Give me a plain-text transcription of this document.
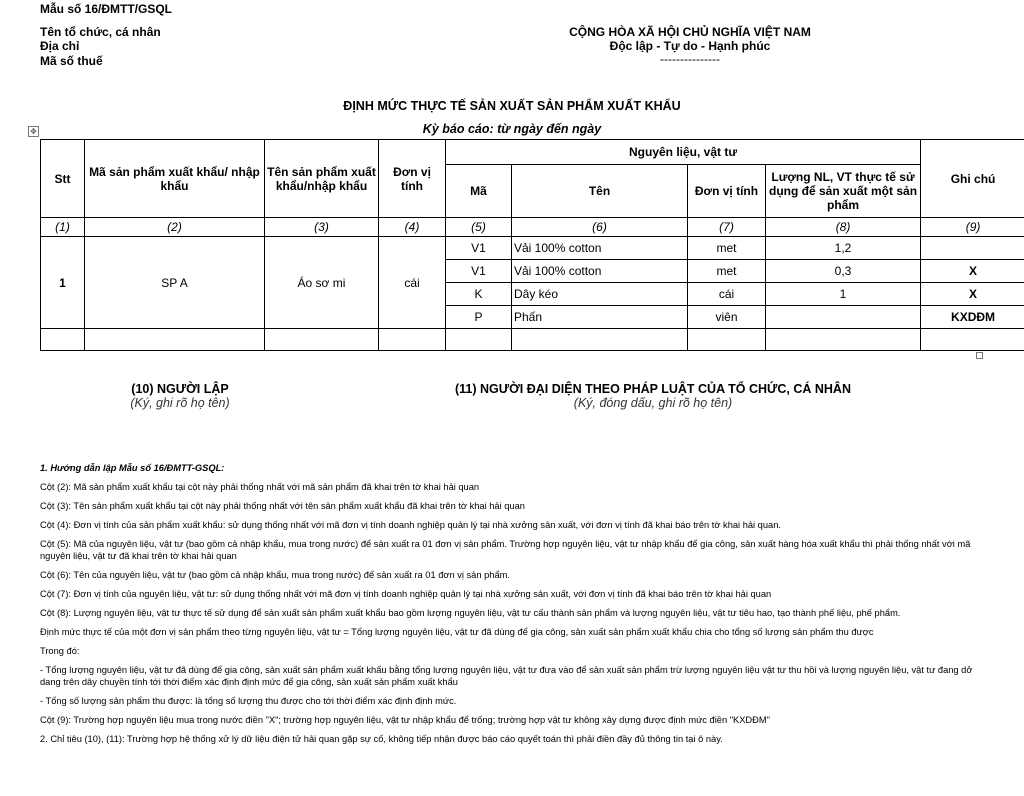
Mẫu số 16/ĐMTT/GSQL
Tên tổ chức, cá nhân
Địa chỉ
Mã số thuế
CỘNG HÒA XÃ HỘI CHỦ NGHĨA VIỆT NAM
Độc lập - Tự do - Hạnh phúc
---------------
ĐỊNH MỨC THỰC TẾ SẢN XUẤT SẢN PHẨM XUẤT KHẨU
Kỳ báo cáo: từ ngày đến ngày
✥
Stt	Mã sản phẩm xuất khẩu/ nhập khẩu	Tên sản phẩm xuất khẩu/nhập khẩu	Đơn vị tính	Nguyên liệu, vật tư				Ghi chú
				Mã	Tên	Đơn vị tính	Lượng NL, VT thực tế sử dụng để sản xuất một sản phẩm	
(1)	(2)	(3)	(4)	(5)	(6)	(7)	(8)	(9)
1	SP A	Áo sơ mi	cái	V1	Vải 100% cotton	met	1,2	
				V1	Vải 100% cotton	met	0,3	X
				K	Dây kéo	cái	1	X
				P	Phấn	viên		KXDĐM

(10) NGƯỜI LẬP
(Ký, ghi rõ họ tên)
(11) NGƯỜI ĐẠI DIỆN THEO PHÁP LUẬT CỦA TỔ CHỨC, CÁ NHÂN
(Ký, đóng dấu, ghi rõ họ tên)

1. Hướng dẫn lập Mẫu số 16/ĐMTT-GSQL:

Cột (2): Mã sản phẩm xuất khẩu tại cột này phải thống nhất với mã sản phẩm đã khai trên tờ khai hải quan

Cột (3): Tên sản phẩm xuất khẩu tại cột này phải thống nhất với tên sản phẩm xuất khẩu đã khai trên tờ khai hải quan

Cột (4): Đơn vị tính của sản phẩm xuất khẩu: sử dụng thống nhất với mã đơn vị tính doanh nghiệp quản lý tại nhà xưởng sản xuất, với đơn vị tính đã khai báo trên tờ khai hải quan.

Cột (5): Mã của nguyên liệu, vật tư (bao gồm cả nhập khẩu, mua trong nước) để sản xuất ra 01 đơn vị sản phẩm. Trường hợp nguyên liệu, vật tư nhập khẩu để gia công, sản xuất hàng hóa xuất khẩu thì phải thống nhất với mã nguyên liệu, vật tư đã khai trên tờ khai hải quan

Cột (6): Tên của nguyên liệu, vật tư (bao gồm cả nhập khẩu, mua trong nước) để sản xuất ra 01 đơn vị sản phẩm.

Cột (7): Đơn vị tính của nguyên liệu, vật tư: sử dụng thống nhất với mã đơn vị tính doanh nghiệp quản lý tại nhà xưởng sản xuất, với đơn vị tính đã khai báo trên tờ khai hải quan

Cột (8): Lượng nguyên liệu, vật tư thực tế sử dụng để sản xuất sản phẩm xuất khẩu bao gồm lượng nguyên liệu, vật tư cấu thành sản phẩm và lượng nguyên liệu, vật tư tiêu hao, tạo thành phế liệu, phế phẩm.

Định mức thực tế của một đơn vị sản phẩm theo từng nguyên liệu, vật tư = Tổng lượng nguyên liệu, vật tư đã dùng để gia công, sản xuất sản phẩm xuất khẩu chia cho tổng số lượng sản phẩm thu được

Trong đó:

- Tổng lượng nguyên liệu, vật tư đã dùng để gia công, sản xuất sản phẩm xuất khẩu bằng tổng lượng nguyên liệu, vật tư đưa vào để sản xuất sản phẩm trừ lượng nguyên liệu vật tư thu hồi và lượng nguyên liệu, vật tư đang dở dang trên dây chuyền tính tới thời điểm xác định định mức để gia công, sản xuất sản phẩm xuất khẩu

- Tổng số lượng sản phẩm thu được: là tổng số lượng thu được cho tới thời điểm xác định định mức.

Cột (9): Trường hợp nguyên liệu mua trong nước điền "X"; trường hợp nguyên liệu, vật tư nhập khẩu để trống; trường hợp vật tư không xây dựng được định mức điền "KXDĐM"

2. Chỉ tiêu (10), (11): Trường hợp hệ thống xử lý dữ liệu điện tử hải quan gặp sự cố, không tiếp nhận được báo cáo quyết toán thì phải điền đầy đủ thông tin tại ô này.
